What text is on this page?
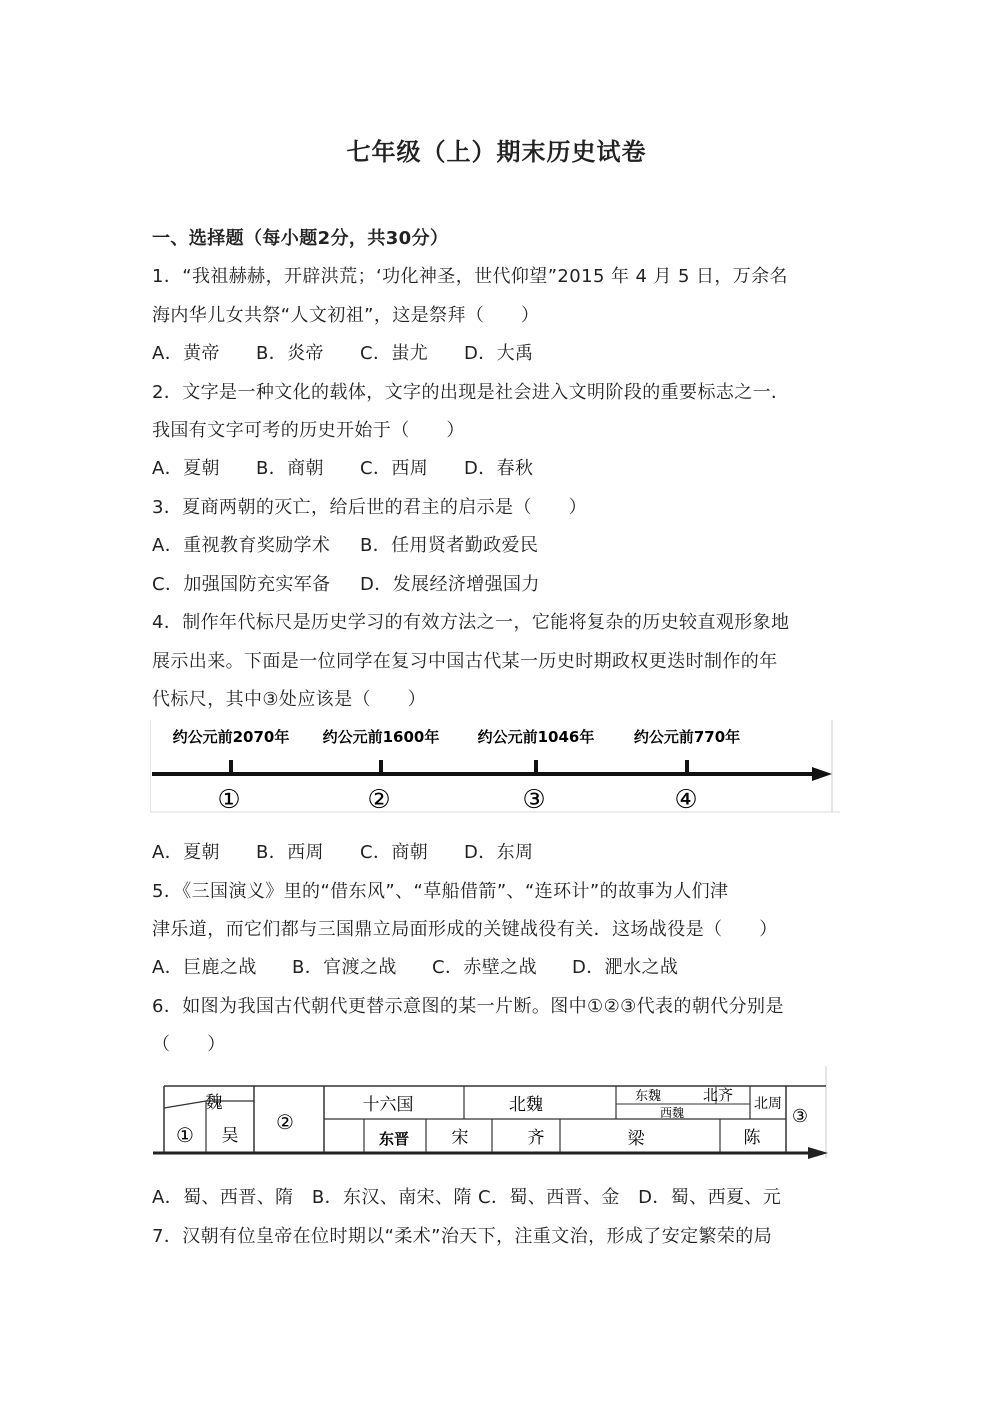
七年级（上）期末历史试卷
一、选择题（每小题2分，共30分）
1．“我祖赫赫，开辟洪荒；‘功化神圣，世代仰望”2015 年 4 月 5 日，万余名
海内华儿女共祭“人文初祖”，这是祭拜（　　）
A．黄帝 B．炎帝 C．蚩尤 D．大禹
2．文字是一种文化的载体，文字的出现是社会进入文明阶段的重要标志之一．
我国有文字可考的历史开始于（　　）
A．夏朝 B．商朝 C．西周 D．春秋
3．夏商两朝的灭亡，给后世的君主的启示是（　　）
A．重视教育奖励学术 B．任用贤者勤政爱民
C．加强国防充实军备 D．发展经济增强国力
4．制作年代标尺是历史学习的有效方法之一，它能将复杂的历史较直观形象地
展示出来。下面是一位同学在复习中国古代某一历史时期政权更迭时制作的年
代标尺，其中③处应该是（　　）
约公元前2070年 约公元前1600年	约公元前1046年	约公元前770年
①	②	③	④
A．夏朝 B．西周 C．商朝 D．东周
5．《三国演义》里的“借东风”、“草船借箭”、“连环计”的故事为人们津
津乐道，而它们都与三国鼎立局面形成的关键战役有关．这场战役是（　　）
A．巨鹿之战 B．官渡之战 C．赤壁之战 D．淝水之战
6．如图为我国古代朝代更替示意图的某一片断。图中①②③代表的朝代分别是
（　　）
魏
吴
①
②	③
十六国	北魏	东魏	北齐
西魏
北周
东晋 宋	齐	梁	陈
A．蜀、西晋、隋　B．东汉、南宋、隋 C．蜀、西晋、金　D．蜀、西夏、元
7．汉朝有位皇帝在位时期以“柔术”治天下，注重文治，形成了安定繁荣的局
